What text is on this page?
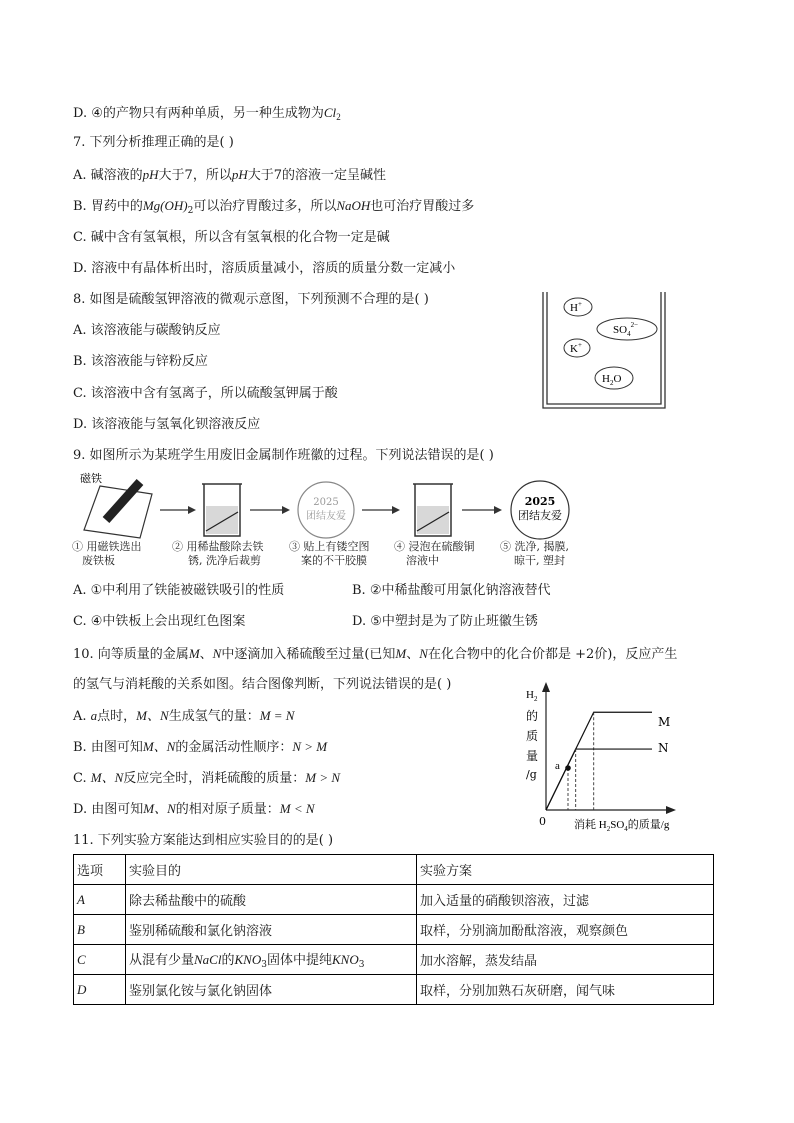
D. ④的产物只有两种单质，另一种生成物为$Cl_2$
7. 下列分析推理正确的是( )
A. 碱溶液的pH大于7，所以pH大于7的溶液一定呈碱性
B. 胃药中的$Mg(OH)_2$可以治疗胃酸过多，所以NaOH也可治疗胃酸过多
C. 碱中含有氢氧根，所以含有氢氧根的化合物一定是碱
D. 溶液中有晶体析出时，溶质质量减小，溶质的质量分数一定减小
8. 如图是硫酸氢钾溶液的微观示意图，下列预测不合理的是( )
A. 该溶液能与碳酸钠反应
B. 该溶液能与锌粉反应
C. 该溶液中含有氢离子，所以硫酸氢钾属于酸
D. 该溶液能与氢氧化钡溶液反应
H+
$SO_4^{2-}$
K+
$H_2O$
9. 如图所示为某班学生用废旧金属制作班徽的过程。下列说法错误的是( )
磁铁
2025
团结友爱
2025
团结友爱
① 用磁铁选出
废铁板
② 用稀盐酸除去铁
锈, 洗净后裁剪
③ 贴上有镂空图
案的不干胶膜
④ 浸泡在硫酸铜
溶液中
⑤ 洗净, 揭膜,
晾干, 塑封
A. ①中利用了铁能被磁铁吸引的性质	B. ②中稀盐酸可用氯化钠溶液替代
C. ④中铁板上会出现红色图案	D. ⑤中塑封是为了防止班徽生锈
10. 向等质量的金属M、N中逐滴加入稀硫酸至过量(已知M、N在化合物中的化合价都是 +2价)，反应产生
的氢气与消耗酸的关系如图。结合图像判断，下列说法错误的是( )
A. a点时，M、N生成氢气的量：M = N
B. 由图可知M、N的金属活动性顺序：N > M
C. M、N反应完全时，消耗硫酸的质量：M > N
D. 由图可知M、N的相对原子质量：M < N
$H_2$
的
质
量
/g
0	消耗 $H_2SO_4$的质量/g
M
N
a
11. 下列实验方案能达到相应实验目的的是( )
选项	实验目的	实验方案
A	除去稀盐酸中的硫酸	加入适量的硝酸钡溶液，过滤
B	鉴别稀硫酸和氯化钠溶液	取样，分别滴加酚酞溶液，观察颜色
C	从混有少量NaCl的$KNO_3$固体中提纯$KNO_3$	加水溶解，蒸发结晶
D	鉴别氯化铵与氯化钠固体	取样，分别加熟石灰研磨，闻气味
